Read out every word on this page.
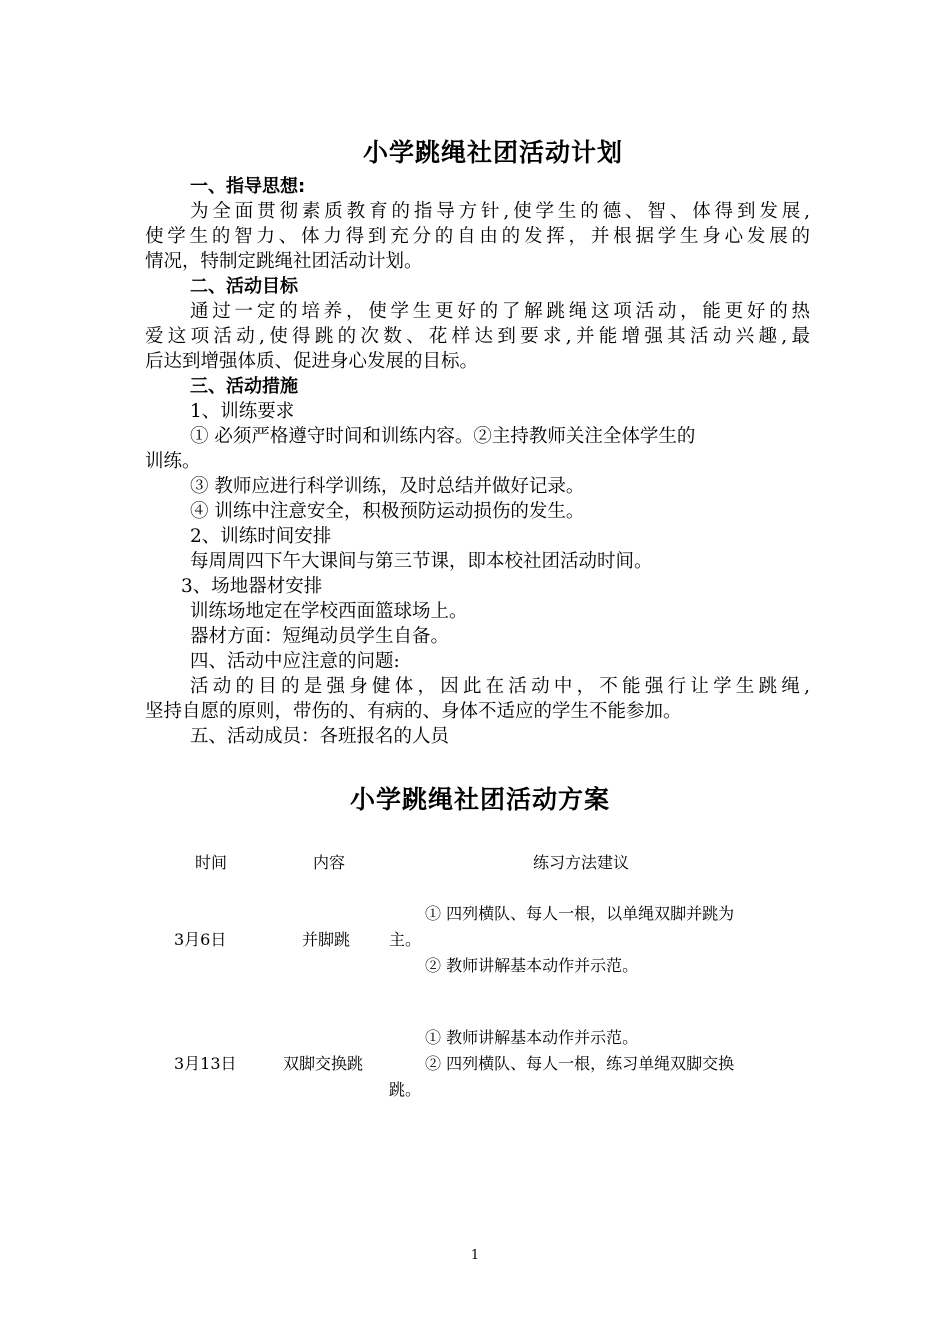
小学跳绳社团活动计划
一、指导思想:
为全面贯彻素质教育的指导方针,使学生的德、智、体得到发展,
使学生的智力、体力得到充分的自由的发挥，并根据学生身心发展的
情况，特制定跳绳社团活动计划。
二、活动目标
通过一定的培养，使学生更好的了解跳绳这项活动，能更好的热
爱这项活动,使得跳的次数、花样达到要求,并能增强其活动兴趣,最
后达到增强体质、促进身心发展的目标。
三、活动措施
1、训练要求
① 必须严格遵守时间和训练内容。②主持教师关注全体学生的
训练。
③ 教师应进行科学训练，及时总结并做好记录。
④ 训练中注意安全，积极预防运动损伤的发生。
2、训练时间安排
每周周四下午大课间与第三节课，即本校社团活动时间。
3、场地器材安排
训练场地定在学校西面篮球场上。
器材方面：短绳动员学生自备。
四、活动中应注意的问题:
活动的目的是强身健体，因此在活动中，不能强行让学生跳绳,
坚持自愿的原则，带伤的、有病的、身体不适应的学生不能参加。
五、活动成员：各班报名的人员
小学跳绳社团活动方案
时间	内容	练习方法建议
3月6日	并脚跳
① 四列横队、每人一根，以单绳双脚并跳为
主。
② 教师讲解基本动作并示范。
3月13日	双脚交换跳
① 教师讲解基本动作并示范。
② 四列横队、每人一根，练习单绳双脚交换
跳。
1
